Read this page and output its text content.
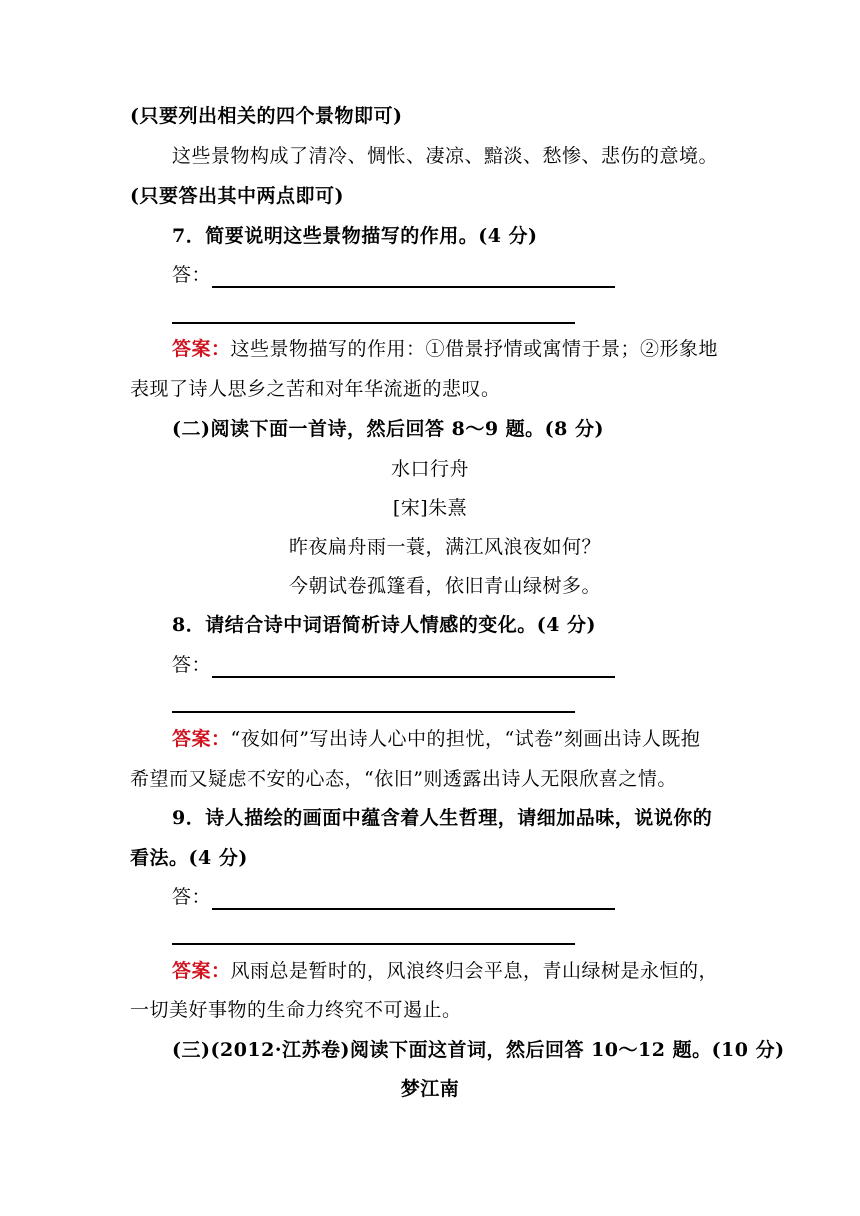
(只要列出相关的四个景物即可)
这些景物构成了清冷、惆怅、凄凉、黯淡、愁惨、悲伤的意境。
(只要答出其中两点即可)
7．简要说明这些景物描写的作用。(4 分)
答：
答案：这些景物描写的作用：①借景抒情或寓情于景；②形象地
表现了诗人思乡之苦和对年华流逝的悲叹。
(二)阅读下面一首诗，然后回答 8～9 题。(8 分)
水口行舟
[宋]朱熹
昨夜扁舟雨一蓑，满江风浪夜如何？
今朝试卷孤篷看，依旧青山绿树多。
8．请结合诗中词语简析诗人情感的变化。(4 分)
答：
答案：“夜如何”写出诗人心中的担忧，“试卷”刻画出诗人既抱
希望而又疑虑不安的心态，“依旧”则透露出诗人无限欣喜之情。
9．诗人描绘的画面中蕴含着人生哲理，请细加品味，说说你的
看法。(4 分)
答：
答案：风雨总是暂时的，风浪终归会平息，青山绿树是永恒的，
一切美好事物的生命力终究不可遏止。
(三)(2012·江苏卷)阅读下面这首词，然后回答 10～12 题。(10 分)
梦江南
